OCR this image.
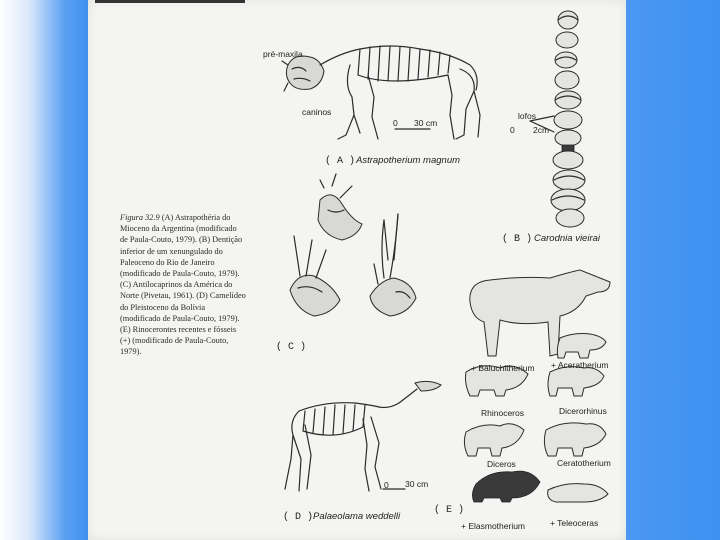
pré-maxila
caninos
0 30 cm
( A ) Astrapotherium magnum
lofos
0 2cm
( B ) Carodnia vieirai
Figura 32.9 (A) Astrapothéria do Mioceno da Argentina (modificado de Paula-Couto, 1979). (B) Dentição inferior de um xenungulado do Paleoceno do Rio de Janeiro (modificado de Paula-Couto, 1979). (C) Antilocaprinos da América do Norte (Pivetau, 1961). (D) Camelídeo do Pleistoceno da Bolívia (modificado de Paula-Couto, 1979). (E) Rinocerontes recentes e fósseis (+) (modificado de Paula-Couto, 1979).	( C )
+ Baluchitherium + Aceratherium
Rhinoceros	Dicerorhinus
Diceros	Ceratotherium
+ Elasmotherium	+ Teleoceras
( E )
0 30 cm
( D ) Palaeolama weddelli
